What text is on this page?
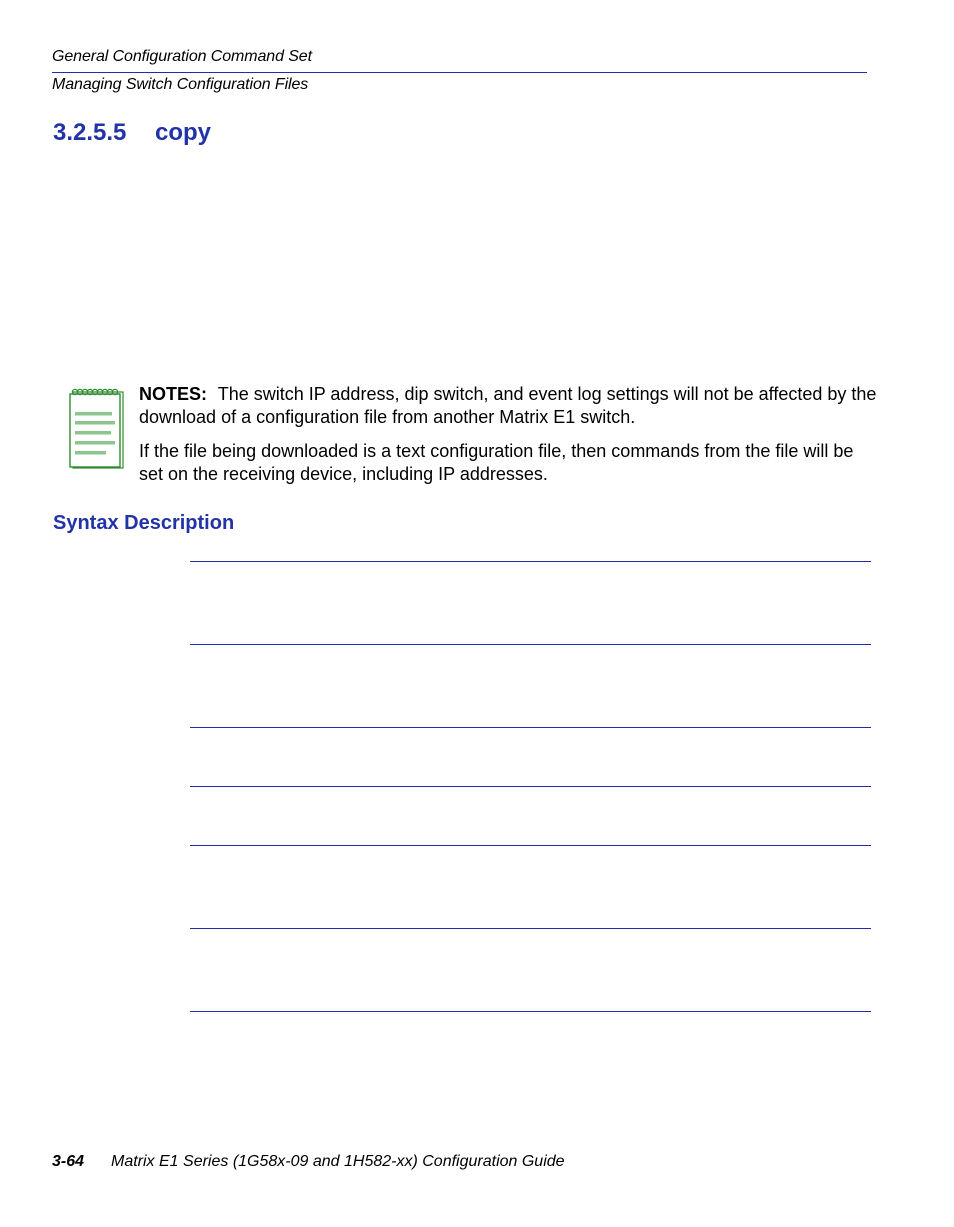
General Configuration Command Set
Managing Switch Configuration Files
3.2.5.5 copy

NOTES: The switch IP address, dip switch, and event log settings will not be affected by the download of a configuration file from another Matrix E1 switch.

If the file being downloaded is a text configuration file, then commands from the file will be set on the receiving device, including IP addresses.

Syntax Description
3-64 Matrix E1 Series (1G58x-09 and 1H582-xx) Configuration Guide
